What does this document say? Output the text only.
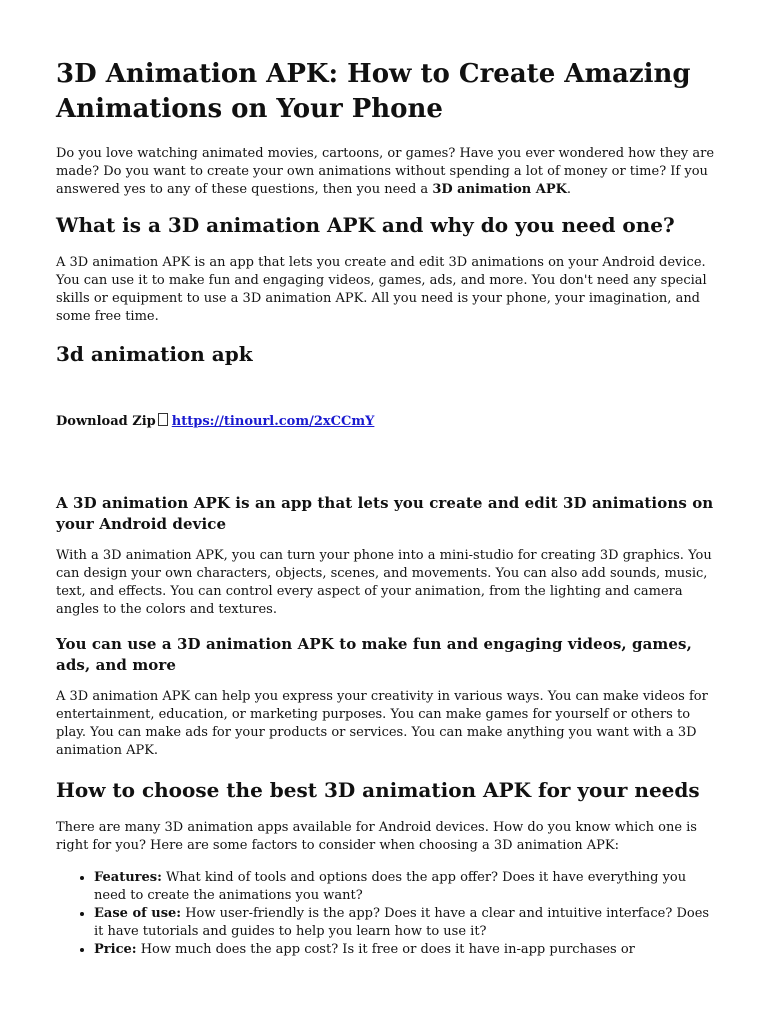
3D Animation APK: How to Create Amazing Animations on Your Phone

Do you love watching animated movies, cartoons, or games? Have you ever wondered how they are made? Do you want to create your own animations without spending a lot of money or time? If you answered yes to any of these questions, then you need a 3D animation APK.

What is a 3D animation APK and why do you need one?

A 3D animation APK is an app that lets you create and edit 3D animations on your Android device. You can use it to make fun and engaging videos, games, ads, and more. You don't need any special skills or equipment to use a 3D animation APK. All you need is your phone, your imagination, and some free time.

3d animation apk
Download Zip https://tinourl.com/2xCCmY
A 3D animation APK is an app that lets you create and edit 3D animations on your Android device

With a 3D animation APK, you can turn your phone into a mini-studio for creating 3D graphics. You can design your own characters, objects, scenes, and movements. You can also add sounds, music, text, and effects. You can control every aspect of your animation, from the lighting and camera angles to the colors and textures.

You can use a 3D animation APK to make fun and engaging videos, games, ads, and more

A 3D animation APK can help you express your creativity in various ways. You can make videos for entertainment, education, or marketing purposes. You can make games for yourself or others to play. You can make ads for your products or services. You can make anything you want with a 3D animation APK.

How to choose the best 3D animation APK for your needs

There are many 3D animation apps available for Android devices. How do you know which one is right for you? Here are some factors to consider when choosing a 3D animation APK:

• Features: What kind of tools and options does the app offer? Does it have everything you need to create the animations you want?
• Ease of use: How user-friendly is the app? Does it have a clear and intuitive interface? Does it have tutorials and guides to help you learn how to use it?
• Price: How much does the app cost? Is it free or does it have in-app purchases or
